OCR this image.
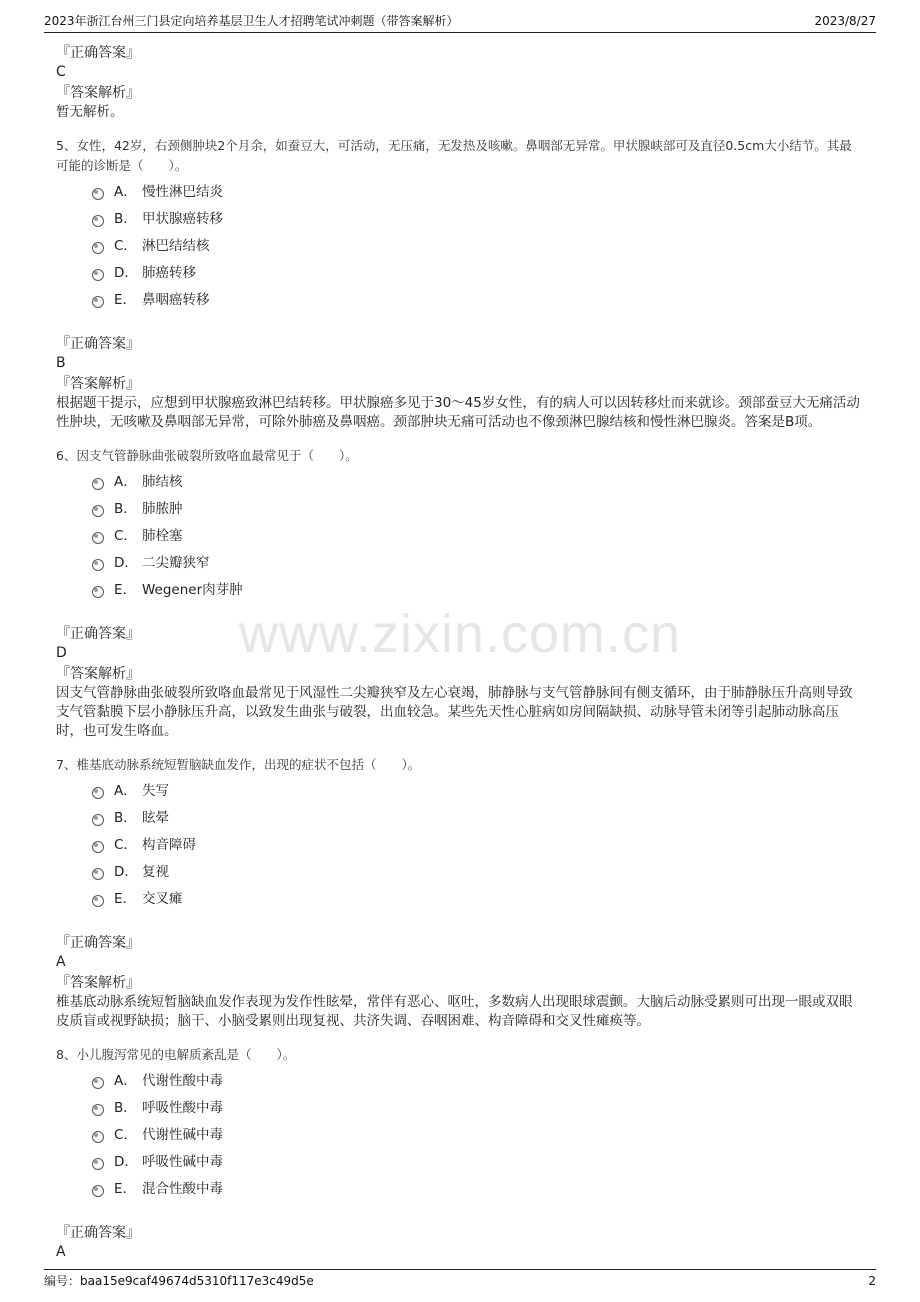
2023年浙江台州三门县定向培养基层卫生人才招聘笔试冲刺题（带答案解析）	2023/8/27
www.zixin.com.cn

『正确答案』

C

『答案解析』

暂无解析。

5、女性，42岁，右颈侧肿块2个月余，如蚕豆大，可活动，无压痛，无发热及咳嗽。鼻咽部无异常。甲状腺峡部可及直径0.5cm大小结节。其最可能的诊断是（　　）。

A． 慢性淋巴结炎
B． 甲状腺癌转移
C． 淋巴结结核
D． 肺癌转移
E． 鼻咽癌转移

『正确答案』

B

『答案解析』

根据题干提示，应想到甲状腺癌致淋巴结转移。甲状腺癌多见于30～45岁女性，有的病人可以因转移灶而来就诊。颈部蚕豆大无痛活动性肿块，无咳嗽及鼻咽部无异常，可除外肺癌及鼻咽癌。颈部肿块无痛可活动也不像颈淋巴腺结核和慢性淋巴腺炎。答案是B项。

6、因支气管静脉曲张破裂所致咯血最常见于（　　）。

A． 肺结核
B． 肺脓肿
C． 肺栓塞
D． 二尖瓣狭窄
E． Wegener肉芽肿

『正确答案』

D

『答案解析』

因支气管静脉曲张破裂所致咯血最常见于风湿性二尖瓣狭窄及左心衰竭，肺静脉与支气管静脉间有侧支循环，由于肺静脉压升高则导致支气管黏膜下层小静脉压升高，以致发生曲张与破裂，出血较急。某些先天性心脏病如房间隔缺损、动脉导管未闭等引起肺动脉高压时，也可发生咯血。

7、椎基底动脉系统短暂脑缺血发作，出现的症状不包括（　　）。

A． 失写
B． 眩晕
C． 构音障碍
D． 复视
E． 交叉瘫

『正确答案』

A

『答案解析』

椎基底动脉系统短暂脑缺血发作表现为发作性眩晕，常伴有恶心、呕吐，多数病人出现眼球震颤。大脑后动脉受累则可出现一眼或双眼皮质盲或视野缺损；脑干、小脑受累则出现复视、共济失调、吞咽困难、构音障碍和交叉性瘫痪等。

8、小儿腹泻常见的电解质紊乱是（　　）。

A． 代谢性酸中毒
B． 呼吸性酸中毒
C． 代谢性碱中毒
D． 呼吸性碱中毒
E． 混合性酸中毒

『正确答案』

A

编号：baa15e9caf49674d5310f117e3c49d5e	2
